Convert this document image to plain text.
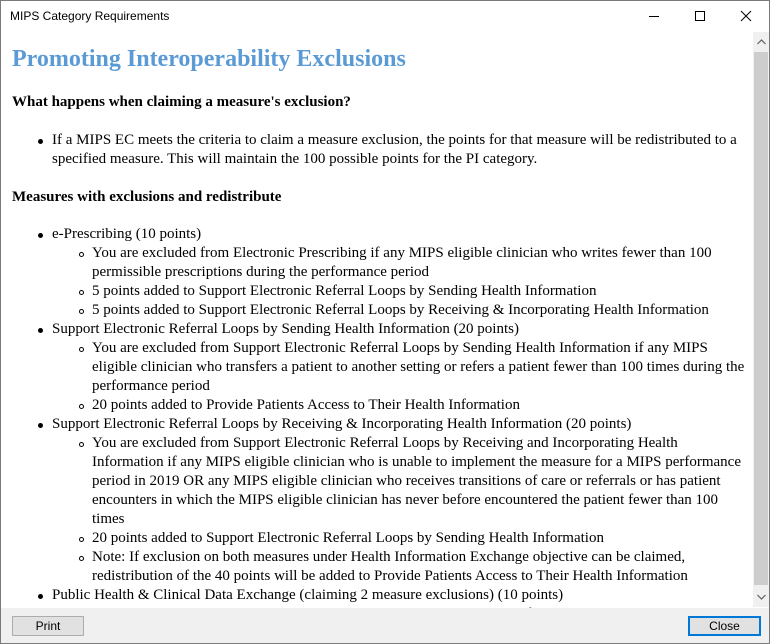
MIPS Category Requirements
Promoting Interoperability Exclusions
What happens when claiming a measure's exclusion?
If a MIPS EC meets the criteria to claim a measure exclusion, the points for that measure will be redistributed to a
specified measure. This will maintain the 100 possible points for the PI category.
Measures with exclusions and redistribute
e-Prescribing (10 points)
You are excluded from Electronic Prescribing if any MIPS eligible clinician who writes fewer than 100
permissible prescriptions during the performance period
5 points added to Support Electronic Referral Loops by Sending Health Information
5 points added to Support Electronic Referral Loops by Receiving & Incorporating Health Information
Support Electronic Referral Loops by Sending Health Information (20 points)
You are excluded from Support Electronic Referral Loops by Sending Health Information if any MIPS
eligible clinician who transfers a patient to another setting or refers a patient fewer than 100 times during the
performance period
20 points added to Provide Patients Access to Their Health Information
Support Electronic Referral Loops by Receiving & Incorporating Health Information (20 points)
You are excluded from Support Electronic Referral Loops by Receiving and Incorporating Health
Information if any MIPS eligible clinician who is unable to implement the measure for a MIPS performance
period in 2019 OR any MIPS eligible clinician who receives transitions of care or referrals or has patient
encounters in which the MIPS eligible clinician has never before encountered the patient fewer than 100
times
20 points added to Support Electronic Referral Loops by Sending Health Information
Note: If exclusion on both measures under Health Information Exchange objective can be claimed,
redistribution of the 40 points will be added to Provide Patients Access to Their Health Information
Public Health & Clinical Data Exchange (claiming 2 measure exclusions) (10 points)
Print	Close
